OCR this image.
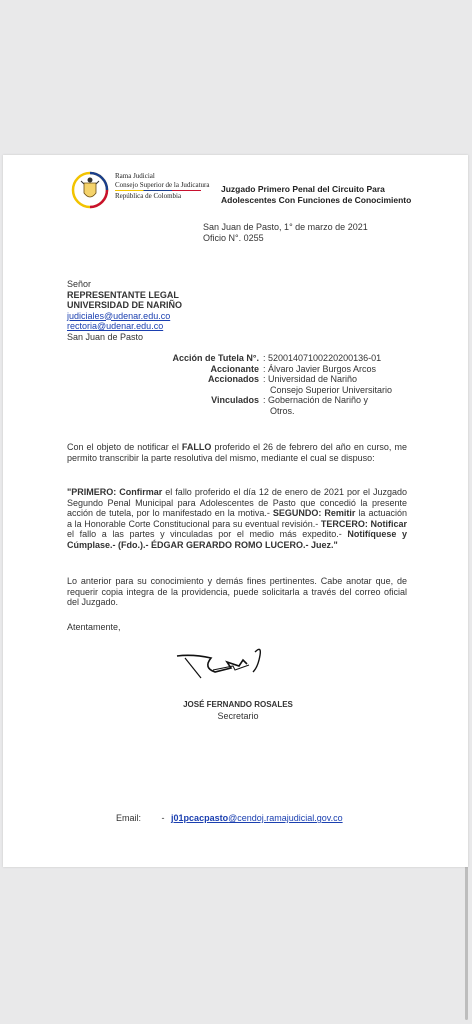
Rama Judicial
Consejo Superior de la Judicatura
República de Colombia
Juzgado Primero Penal del Circuito Para
Adolescentes Con Funciones de Conocimiento
San Juan de Pasto, 1° de marzo de 2021
Oficio N°. 0255
Señor
REPRESENTANTE LEGAL
UNIVERSIDAD DE NARIÑO
judiciales@udenar.edu.co
rectoria@udenar.edu.co
San Juan de Pasto
Acción de Tutela N°.
Accionante
Accionados

Vinculados
: 52001407100220200136-01
: Álvaro Javier Burgos Arcos
: Universidad de Nariño
Consejo Superior Universitario
: Gobernación de Nariño y
Otros.
Con el objeto de notificar el FALLO proferido el 26 de febrero del año en curso, me permito transcribir la parte resolutiva del mismo, mediante el cual se dispuso:
"PRIMERO: Confirmar el fallo proferido el día 12 de enero de 2021 por el Juzgado Segundo Penal Municipal para Adolescentes de Pasto que concedió la presente acción de tutela, por lo manifestado en la motiva.- SEGUNDO: Remitir la actuación a la Honorable Corte Constitucional para su eventual revisión.- TERCERO: Notificar el fallo a las partes y vinculadas por el medio más expedito.- Notifíquese y Cúmplase.- (Fdo.).- ÉDGAR GERARDO ROMO LUCERO.- Juez."
Lo anterior para su conocimiento y demás fines pertinentes. Cabe anotar que, de requerir copia integra de la providencia, puede solicitarla a través del correo oficial del Juzgado.
Atentamente,
JOSÉ FERNANDO ROSALES
Secretario
Email: - j01pcacpasto@cendoj.ramajudicial.gov.co
